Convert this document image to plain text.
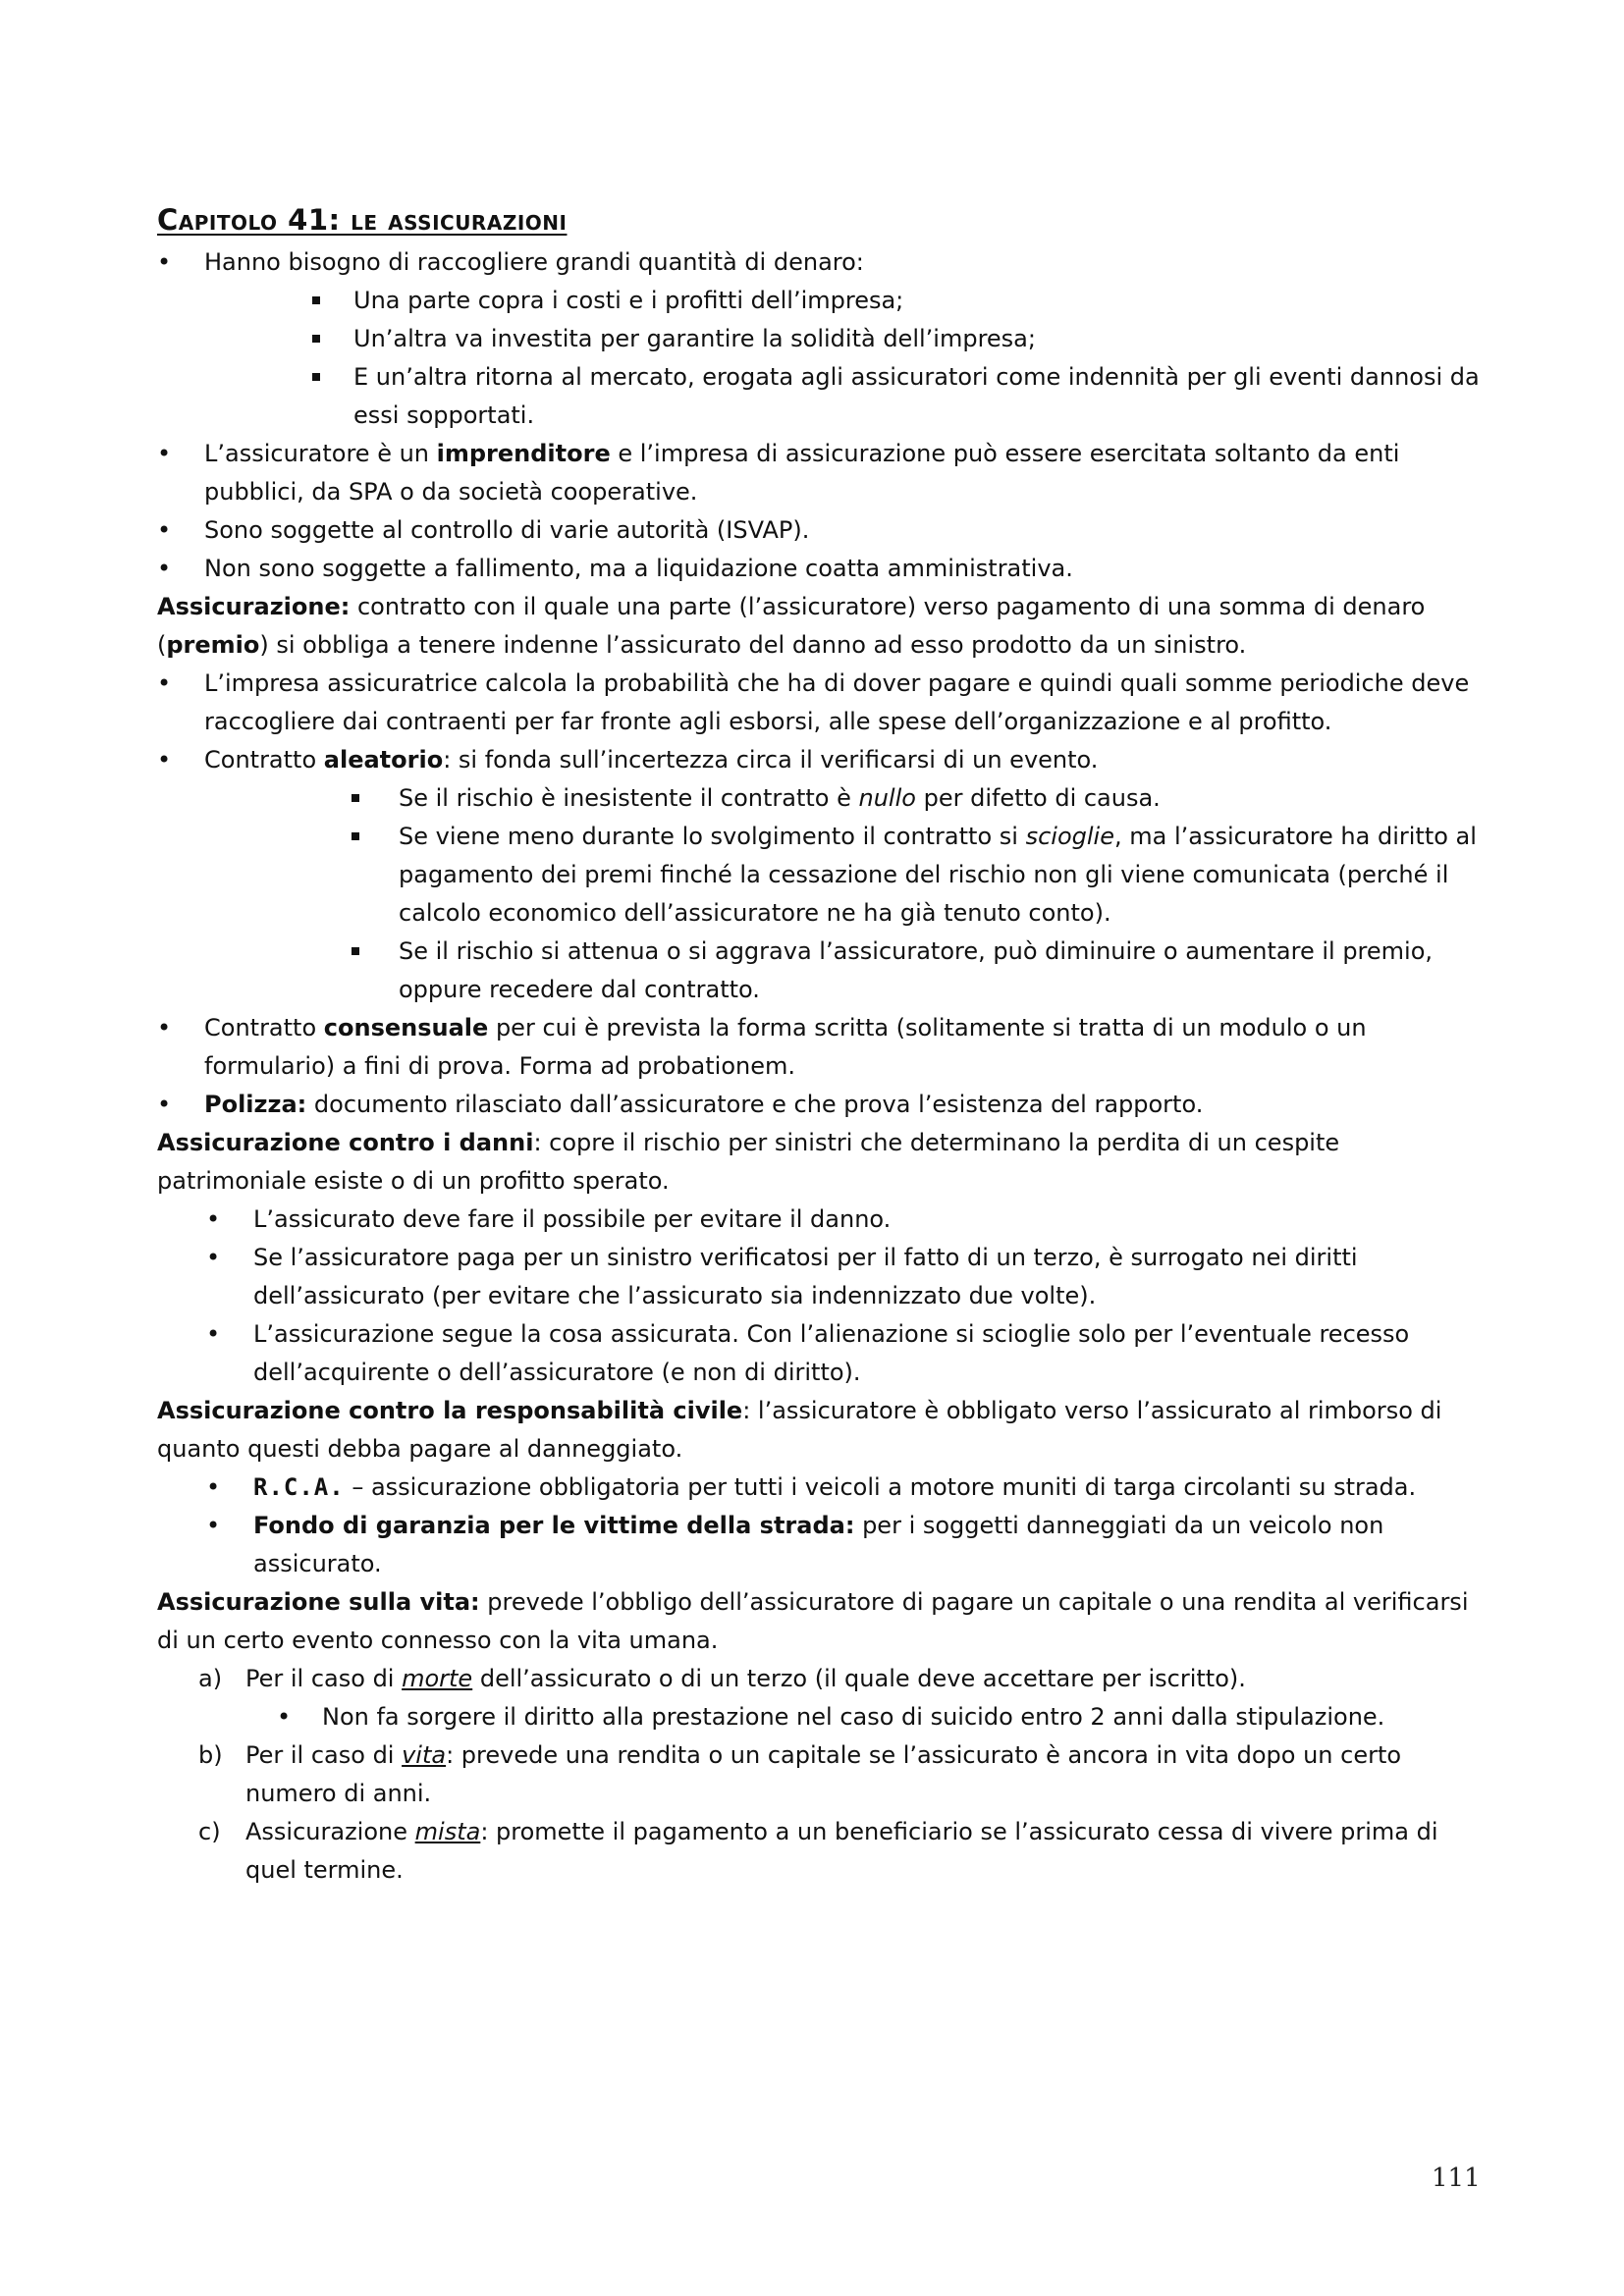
Capitolo 41: le assicurazioni
• Hanno bisogno di raccogliere grandi quantità di denaro:
Una parte copra i costi e i profitti dell’impresa;
Un’altra va investita per garantire la solidità dell’impresa;
E un’altra ritorna al mercato, erogata agli assicuratori come indennità per gli eventi dannosi da essi sopportati.
• L’assicuratore è un imprenditore e l’impresa di assicurazione può essere esercitata soltanto da enti pubblici, da SPA o da società cooperative.
• Sono soggette al controllo di varie autorità (ISVAP).
• Non sono soggette a fallimento, ma a liquidazione coatta amministrativa.
Assicurazione: contratto con il quale una parte (l’assicuratore) verso pagamento di una somma di denaro (premio) si obbliga a tenere indenne l’assicurato del danno ad esso prodotto da un sinistro.
• L’impresa assicuratrice calcola la probabilità che ha di dover pagare e quindi quali somme periodiche deve raccogliere dai contraenti per far fronte agli esborsi, alle spese dell’organizzazione e al profitto.
• Contratto aleatorio: si fonda sull’incertezza circa il verificarsi di un evento.
Se il rischio è inesistente il contratto è nullo per difetto di causa.
Se viene meno durante lo svolgimento il contratto si scioglie, ma l’assicuratore ha diritto al pagamento dei premi finché la cessazione del rischio non gli viene comunicata (perché il calcolo economico dell’assicuratore ne ha già tenuto conto).
Se il rischio si attenua o si aggrava l’assicuratore, può diminuire o aumentare il premio, oppure recedere dal contratto.
• Contratto consensuale per cui è prevista la forma scritta (solitamente si tratta di un modulo o un formulario) a fini di prova. Forma ad probationem.
• Polizza: documento rilasciato dall’assicuratore e che prova l’esistenza del rapporto.
Assicurazione contro i danni: copre il rischio per sinistri che determinano la perdita di un cespite patrimoniale esiste o di un profitto sperato.
• L’assicurato deve fare il possibile per evitare il danno.
• Se l’assicuratore paga per un sinistro verificatosi per il fatto di un terzo, è surrogato nei diritti dell’assicurato (per evitare che l’assicurato sia indennizzato due volte).
• L’assicurazione segue la cosa assicurata. Con l’alienazione si scioglie solo per l’eventuale recesso dell’acquirente o dell’assicuratore (e non di diritto).
Assicurazione contro la responsabilità civile: l’assicuratore è obbligato verso l’assicurato al rimborso di quanto questi debba pagare al danneggiato.
• R.C.A. – assicurazione obbligatoria per tutti i veicoli a motore muniti di targa circolanti su strada.
• Fondo di garanzia per le vittime della strada: per i soggetti danneggiati da un veicolo non assicurato.
Assicurazione sulla vita: prevede l’obbligo dell’assicuratore di pagare un capitale o una rendita al verificarsi di un certo evento connesso con la vita umana.
a) Per il caso di morte dell’assicurato o di un terzo (il quale deve accettare per iscritto).
• Non fa sorgere il diritto alla prestazione nel caso di suicido entro 2 anni dalla stipulazione.
b) Per il caso di vita: prevede una rendita o un capitale se l’assicurato è ancora in vita dopo un certo numero di anni.
c) Assicurazione mista: promette il pagamento a un beneficiario se l’assicurato cessa di vivere prima di quel termine.
111
